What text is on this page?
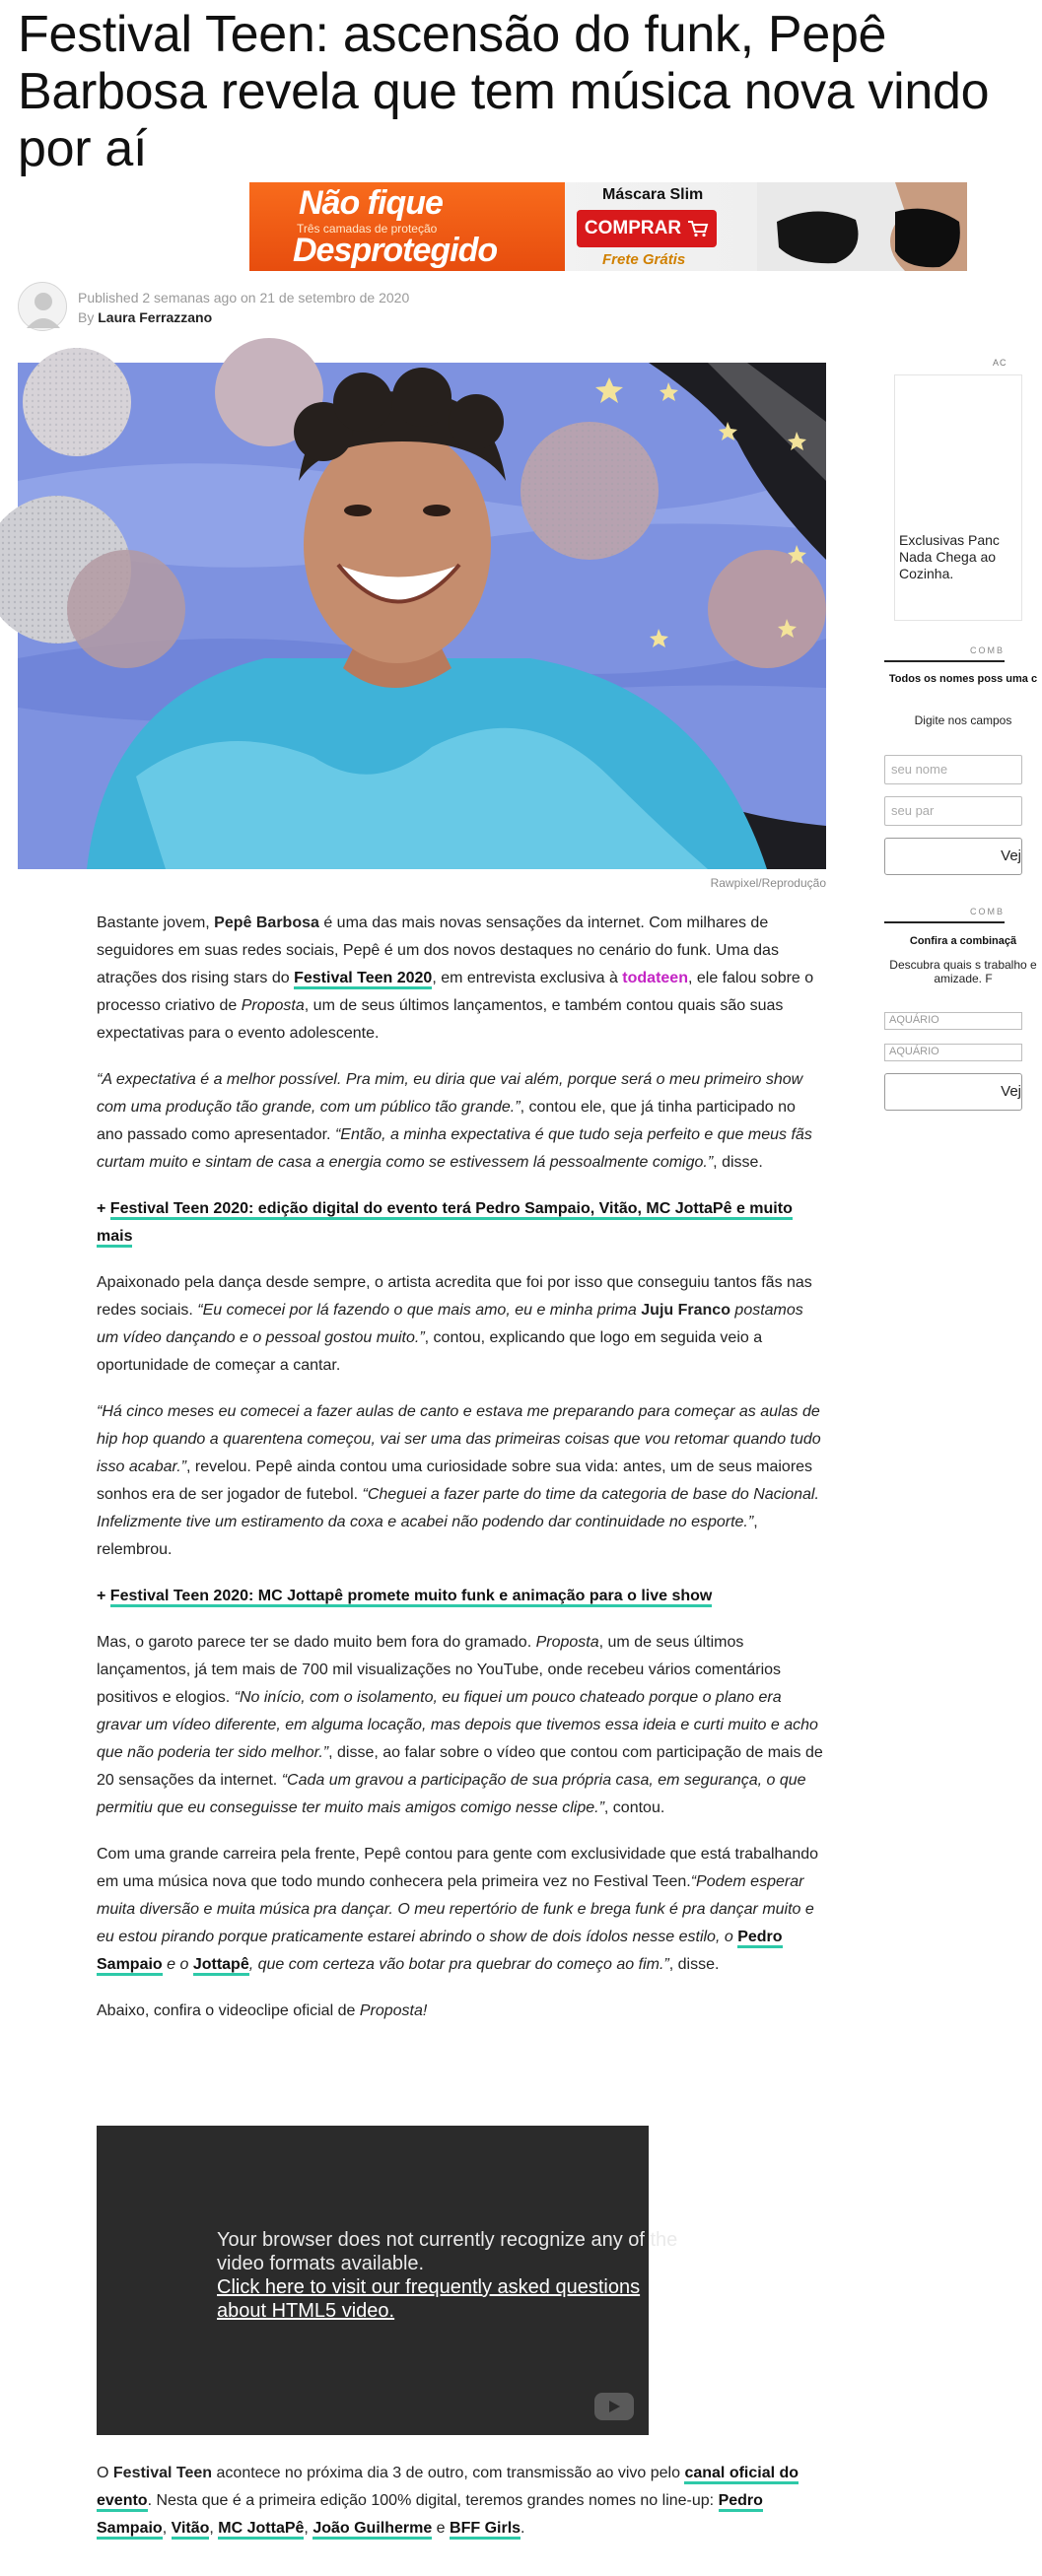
Festival Teen: ascensão do funk, Pepê Barbosa revela que tem música nova vindo por aí
Não fique
Três camadas de proteção
Desprotegido
Máscara Slim
COMPRAR
Frete Grátis
Published 2 semanas ago on 21 de setembro de 2020
By Laura Ferrazzano
Rawpixel/Reprodução

Bastante jovem, Pepê Barbosa é uma das mais novas sensações da internet. Com milhares de seguidores em suas redes sociais, Pepê é um dos novos destaques no cenário do funk. Uma das atrações dos rising stars do Festival Teen 2020, em entrevista exclusiva à todateen, ele falou sobre o processo criativo de Proposta, um de seus últimos lançamentos, e também contou quais são suas expectativas para o evento adolescente.

“A expectativa é a melhor possível. Pra mim, eu diria que vai além, porque será o meu primeiro show com uma produção tão grande, com um público tão grande.”, contou ele, que já tinha participado no ano passado como apresentador. “Então, a minha expectativa é que tudo seja perfeito e que meus fãs curtam muito e sintam de casa a energia como se estivessem lá pessoalmente comigo.”, disse.

+ Festival Teen 2020: edição digital do evento terá Pedro Sampaio, Vitão, MC JottaPê e muito mais

Apaixonado pela dança desde sempre, o artista acredita que foi por isso que conseguiu tantos fãs nas redes sociais. “Eu comecei por lá fazendo o que mais amo, eu e minha prima Juju Franco postamos um vídeo dançando e o pessoal gostou muito.”, contou, explicando que logo em seguida veio a oportunidade de começar a cantar.

“Há cinco meses eu comecei a fazer aulas de canto e estava me preparando para começar as aulas de hip hop quando a quarentena começou, vai ser uma das primeiras coisas que vou retomar quando tudo isso acabar.”, revelou. Pepê ainda contou uma curiosidade sobre sua vida: antes, um de seus maiores sonhos era de ser jogador de futebol. “Cheguei a fazer parte do time da categoria de base do Nacional. Infelizmente tive um estiramento da coxa e acabei não podendo dar continuidade no esporte.”, relembrou.

+ Festival Teen 2020: MC Jottapê promete muito funk e animação para o live show

Mas, o garoto parece ter se dado muito bem fora do gramado. Proposta, um de seus últimos lançamentos, já tem mais de 700 mil visualizações no YouTube, onde recebeu vários comentários positivos e elogios. “No início, com o isolamento, eu fiquei um pouco chateado porque o plano era gravar um vídeo diferente, em alguma locação, mas depois que tivemos essa ideia e curti muito e acho que não poderia ter sido melhor.”, disse, ao falar sobre o vídeo que contou com participação de mais de 20 sensações da internet. “Cada um gravou a participação de sua própria casa, em segurança, o que permitiu que eu conseguisse ter muito mais amigos comigo nesse clipe.”, contou.

Com uma grande carreira pela frente, Pepê contou para gente com exclusividade que está trabalhando em uma música nova que todo mundo conhecera pela primeira vez no Festival Teen.“Podem esperar muita diversão e muita música pra dançar. O meu repertório de funk e brega funk é pra dançar muito e eu estou pirando porque praticamente estarei abrindo o show de dois ídolos nesse estilo, o Pedro Sampaio e o Jottapê, que com certeza vão botar pra quebrar do começo ao fim.”, disse.

Abaixo, confira o videoclipe oficial de Proposta!

Your browser does not currently recognize any of the video formats available.
Click here to visit our frequently asked questions about HTML5 video.
O Festival Teen acontece no próxima dia 3 de outro, com transmissão ao vivo pelo canal oficial do evento. Nesta que é a primeira edição 100% digital, teremos grandes nomes no line-up: Pedro Sampaio, Vitão, MC JottaPê, João Guilherme e BFF Girls.
AC
Exclusivas Panc Nada Chega ao Cozinha.
COMB
Todos os nomes poss uma c
Digite nos campos
seu nome
seu par
Vej
COMB
Confira a combinaçã
Descubra quais s trabalho e amizade. F
AQUÁRIO
AQUÁRIO
Vej
